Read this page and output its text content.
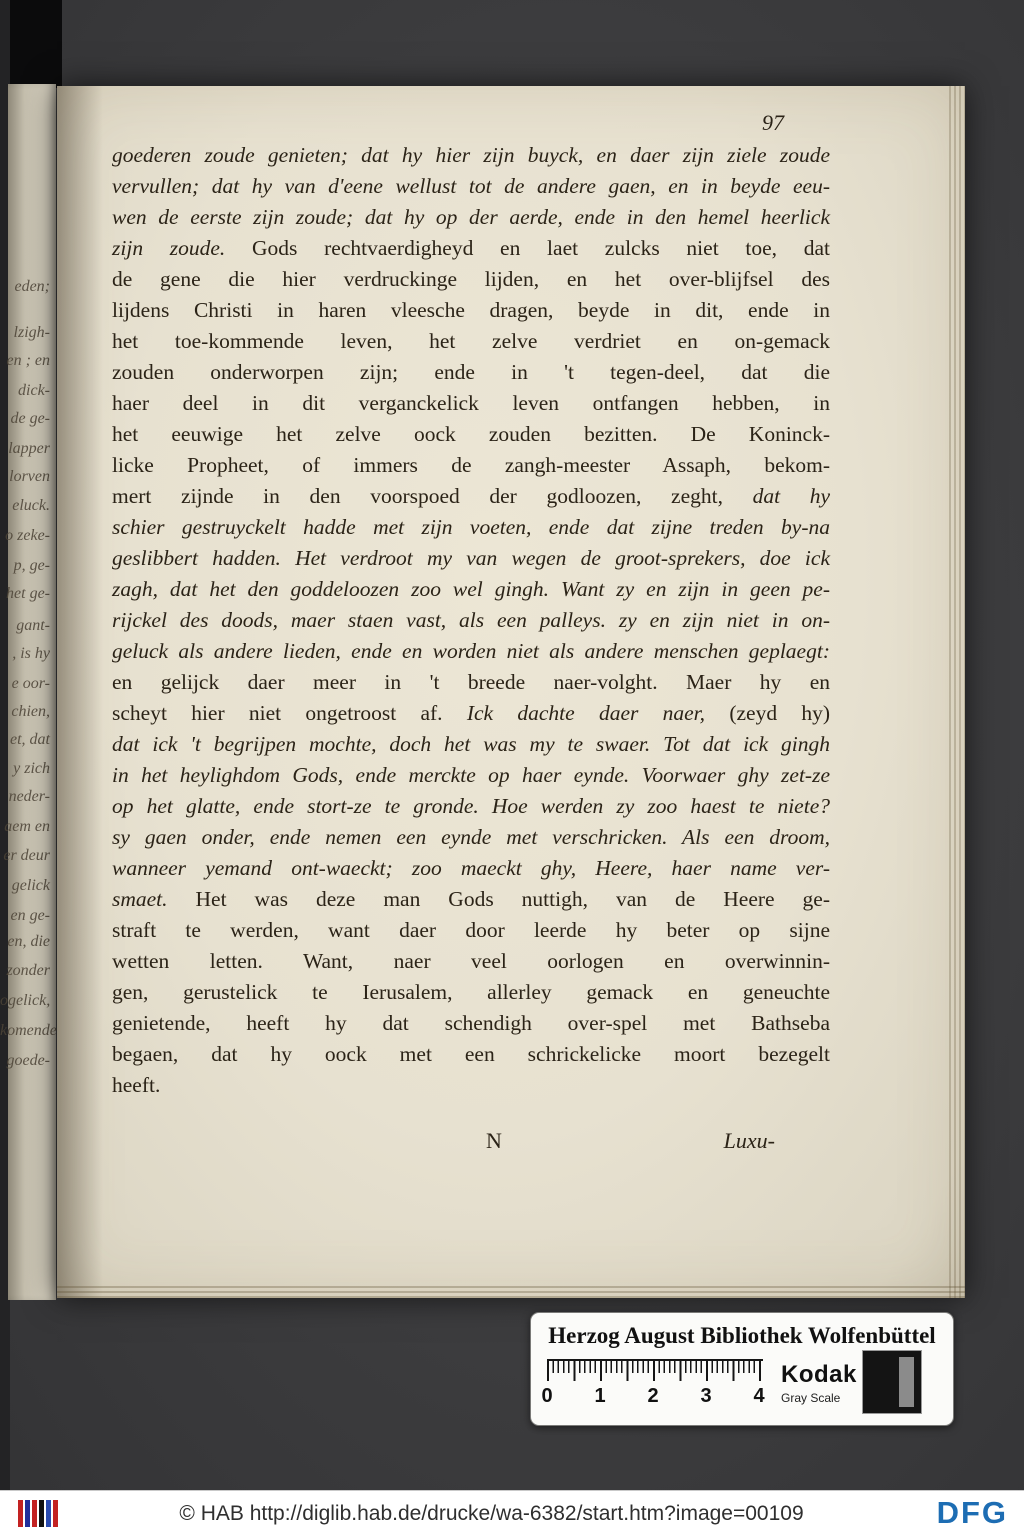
eden;
lzigh-
en ; en
dick-
de ge-
lapper
lorven
eluck.
o zeke-
p, ge-
het ge-
gant-
, is hy
e oor-
chien,
et, dat
y zich
neder-
aem en
er deur
gelick
en ge-
en, die
zonder
ogelick,
komende
goede-
97
goederen zoude genieten; dat hy hier zijn buyck, en daer zijn ziele zoude
vervullen; dat hy van d'eene wellust tot de andere gaen, en in beyde eeu-
wen de eerste zijn zoude; dat hy op der aerde, ende in den hemel heerlick
zijn zoude. Gods rechtvaerdigheyd en laet zulcks niet toe, dat
de gene die hier verdruckinge lijden, en het over-blijfsel des
lijdens Christi in haren vleesche dragen, beyde in dit, ende in
het toe-kommende leven, het zelve verdriet en on-gemack
zouden onderworpen zijn; ende in 't tegen-deel, dat die
haer deel in dit verganckelick leven ontfangen hebben, in
het eeuwige het zelve oock zouden bezitten. De Koninck-
licke Propheet, of immers de zangh-meester Assaph, bekom-
mert zijnde in den voorspoed der godloozen, zeght, dat hy
schier gestruyckelt hadde met zijn voeten, ende dat zijne treden by-na
geslibbert hadden. Het verdroot my van wegen de groot-sprekers, doe ick
zagh, dat het den goddeloozen zoo wel gingh. Want zy en zijn in geen pe-
rijckel des doods, maer staen vast, als een palleys. zy en zijn niet in on-
geluck als andere lieden, ende en worden niet als andere menschen geplaegt:
en gelijck daer meer in 't breede naer-volght. Maer hy en
scheyt hier niet ongetroost af. Ick dachte daer naer, (zeyd hy)
dat ick 't begrijpen mochte, doch het was my te swaer. Tot dat ick gingh
in het heylighdom Gods, ende merckte op haer eynde. Voorwaer ghy zet-ze
op het glatte, ende stort-ze te gronde. Hoe werden zy zoo haest te niete?
sy gaen onder, ende nemen een eynde met verschricken. Als een droom,
wanneer yemand ont-waeckt; zoo maeckt ghy, Heere, haer name ver-
smaet. Het was deze man Gods nuttigh, van de Heere ge-
straft te werden, want daer door leerde hy beter op sijne
wetten letten. Want, naer veel oorlogen en overwinnin-
gen, gerustelick te Ierusalem, allerley gemack en geneuchte
genietende, heeft hy dat schendigh over-spel met Bathseba
begaen, dat hy oock met een schrickelicke moort bezegelt
heeft.
N	Luxu-
Herzog August Bibliothek Wolfenbüttel
0 1 2 3 4
Kodak
Gray Scale
© HAB http://diglib.hab.de/drucke/wa-6382/start.htm?image=00109	DFG
